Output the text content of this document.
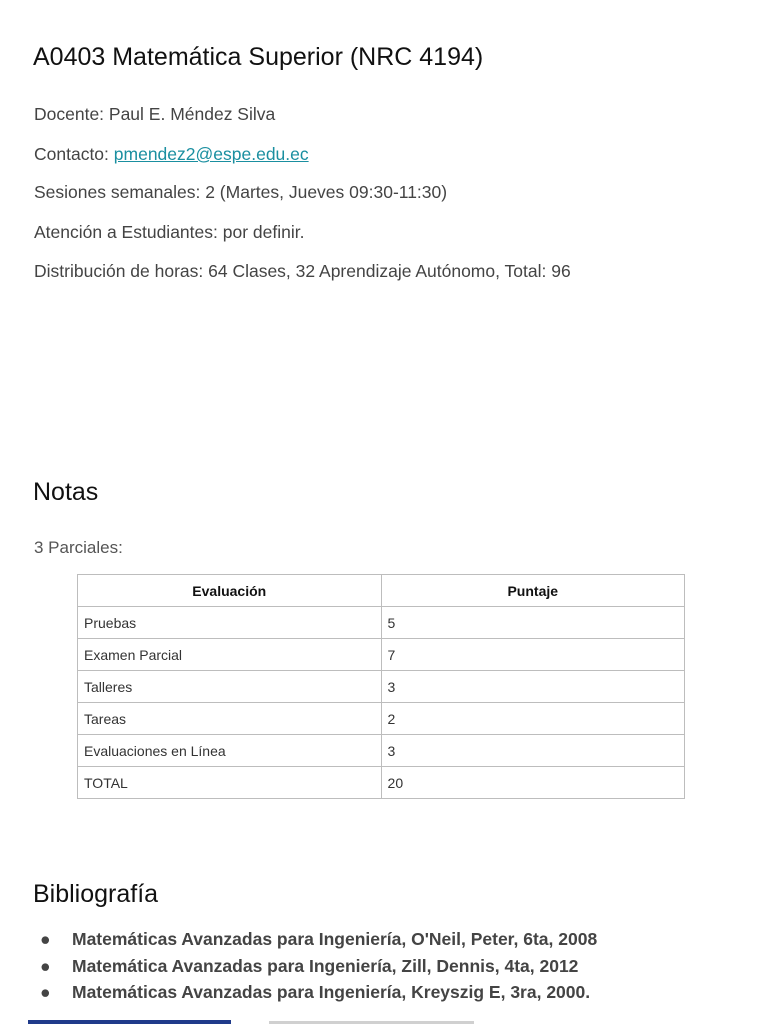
A0403 Matemática Superior (NRC 4194)

Docente: Paul E. Méndez Silva

Contacto: pmendez2@espe.edu.ec

Sesiones semanales: 2 (Martes, Jueves 09:30-11:30)

Atención a Estudiantes: por definir.

Distribución de horas: 64 Clases, 32 Aprendizaje Autónomo, Total: 96

Notas

3 Parciales:

Evaluación	Puntaje
Pruebas	5
Examen Parcial	7
Talleres	3
Tareas	2
Evaluaciones en Línea	3
TOTAL	20
Bibliografía
● Matemáticas Avanzadas para Ingeniería, O'Neil, Peter, 6ta, 2008
● Matemática Avanzadas para Ingeniería, Zill, Dennis, 4ta, 2012
● Matemáticas Avanzadas para Ingeniería, Kreyszig E, 3ra, 2000.
